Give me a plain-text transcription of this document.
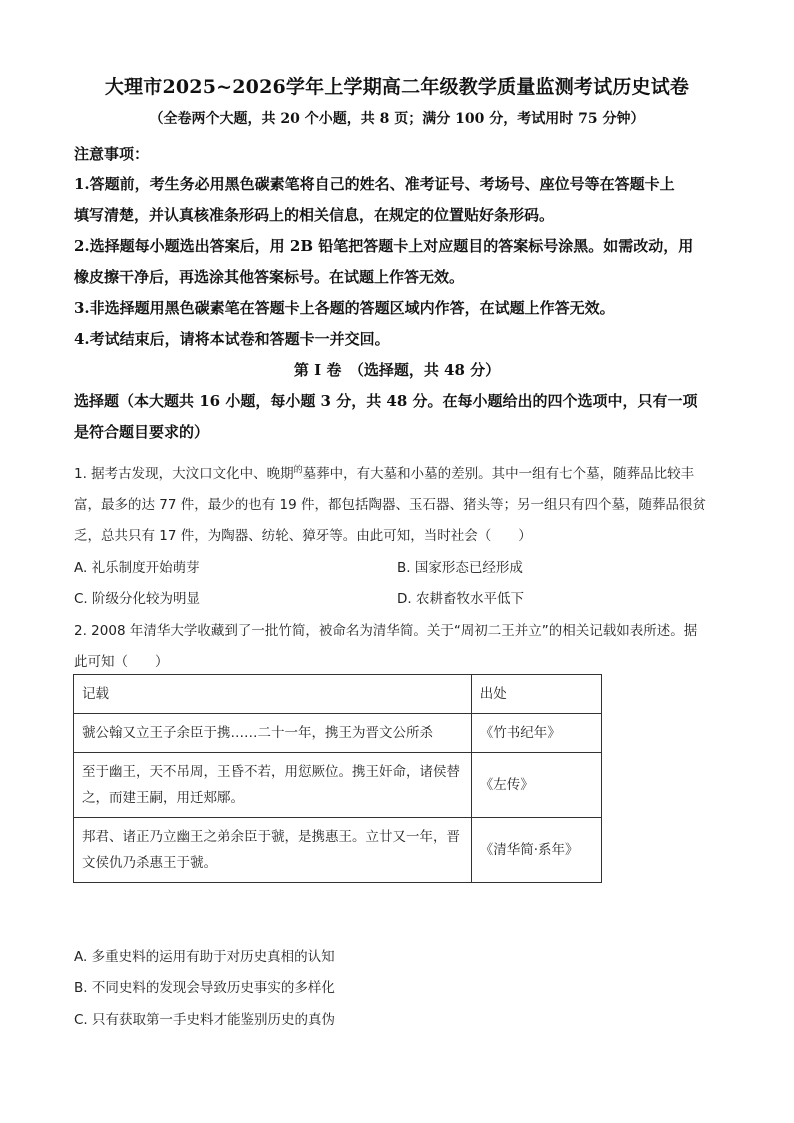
大理市2025~2026学年上学期高二年级教学质量监测考试历史试卷
（全卷两个大题，共 20 个小题，共 8 页；满分 100 分，考试用时 75 分钟）
注意事项：
1.答题前，考生务必用黑色碳素笔将自己的姓名、准考证号、考场号、座位号等在答题卡上
填写清楚，并认真核准条形码上的相关信息，在规定的位置贴好条形码。
2.选择题每小题选出答案后，用 2B 铅笔把答题卡上对应题目的答案标号涂黑。如需改动，用
橡皮擦干净后，再选涂其他答案标号。在试题上作答无效。
3.非选择题用黑色碳素笔在答题卡上各题的答题区域内作答，在试题上作答无效。
4.考试结束后，请将本试卷和答题卡一并交回。
第 Ⅰ 卷　（选择题，共 48 分）
选择题（本大题共 16 小题，每小题 3 分，共 48 分。在每小题给出的四个选项中，只有一项
是符合题目要求的）
1. 据考古发现，大汶口文化中、晚期$^的$墓葬中，有大墓和小墓的差别。其中一组有七个墓，随葬品比较丰
富，最多的达 77 件，最少的也有 19 件，都包括陶器、玉石器、猪头等；另一组只有四个墓，随葬品很贫
乏，总共只有 17 件，为陶器、纺轮、獐牙等。由此可知，当时社会（　　）
A. 礼乐制度开始萌芽	B. 国家形态已经形成
C. 阶级分化较为明显	D. 农耕畜牧水平低下
2. 2008 年清华大学收藏到了一批竹简，被命名为清华简。关于“周初二王并立”的相关记载如表所述。据
此可知（　　）
记载	出处
虢公翰又立王子余臣于携……二十一年，携王为晋文公所杀	《竹书纪年》
至于幽王，天不吊周，王昏不若，用愆厥位。携王奸命，诸侯替之，而建王嗣，用迁郏鄏。	《左传》
邦君、诸正乃立幽王之弟余臣于虢，是携惠王。立廿又一年，晋文侯仇乃杀惠王于虢。	《清华简·系年》
A. 多重史料的运用有助于对历史真相的认知
B. 不同史料的发现会导致历史事实的多样化
C. 只有获取第一手史料才能鉴别历史的真伪
